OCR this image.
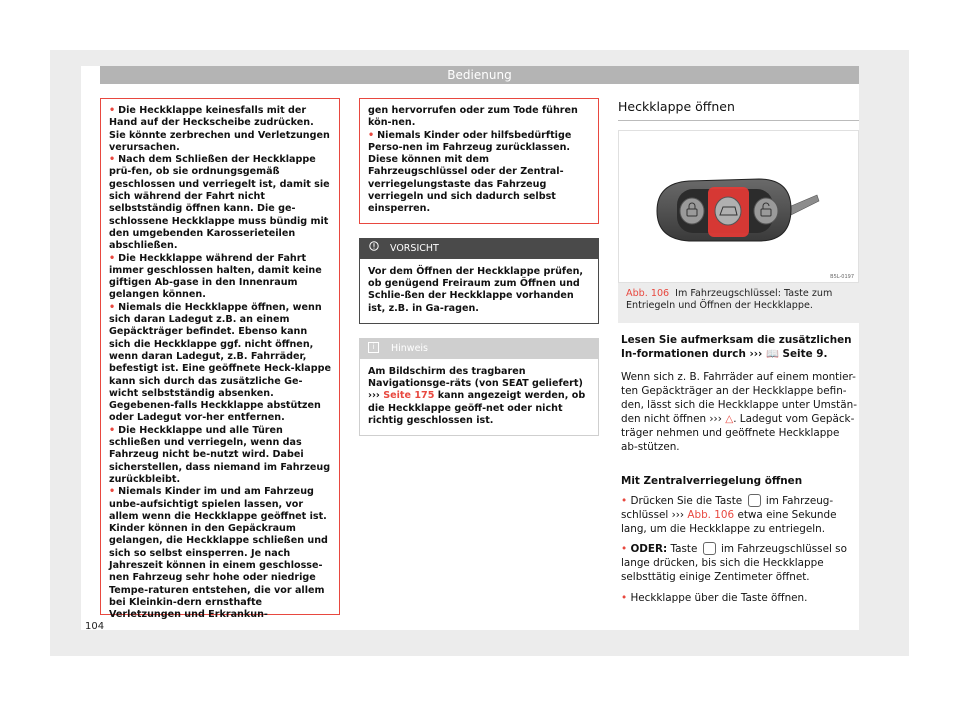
Bedienung
• Die Heckklappe keinesfalls mit der Hand auf der Heckscheibe zudrücken. Sie könnte zerbrechen und Verletzungen verursachen.
• Nach dem Schließen der Heckklappe prü-fen, ob sie ordnungsgemäß geschlossen und verriegelt ist, damit sie sich während der Fahrt nicht selbstständig öffnen kann. Die ge-schlossene Heckklappe muss bündig mit den umgebenden Karosserieteilen abschließen.
• Die Heckklappe während der Fahrt immer geschlossen halten, damit keine giftigen Ab-gase in den Innenraum gelangen können.
• Niemals die Heckklappe öffnen, wenn sich daran Ladegut z.B. an einem Gepäckträger befindet. Ebenso kann sich die Heckklappe ggf. nicht öffnen, wenn daran Ladegut, z.B. Fahrräder, befestigt ist. Eine geöffnete Heck-klappe kann sich durch das zusätzliche Ge-wicht selbstständig absenken. Gegebenen-falls Heckklappe abstützen oder Ladegut vor-her entfernen.
• Die Heckklappe und alle Türen schließen und verriegeln, wenn das Fahrzeug nicht be-nutzt wird. Dabei sicherstellen, dass niemand im Fahrzeug zurückbleibt.
• Niemals Kinder im und am Fahrzeug unbe-aufsichtigt spielen lassen, vor allem wenn die Heckklappe geöffnet ist. Kinder können in den Gepäckraum gelangen, die Heckklappe schließen und sich so selbst einsperren. Je nach Jahreszeit können in einem geschlosse-nen Fahrzeug sehr hohe oder niedrige Tempe-raturen entstehen, die vor allem bei Kleinkin-dern ernsthafte Verletzungen und Erkrankun-
gen hervorrufen oder zum Tode führen kön-nen.
• Niemals Kinder oder hilfsbedürftige Perso-nen im Fahrzeug zurücklassen. Diese können mit dem Fahrzeugschlüssel oder der Zentral-verriegelungstaste das Fahrzeug verriegeln und sich dadurch selbst einsperren.
VORSICHT
Vor dem Öffnen der Heckklappe prüfen, ob genügend Freiraum zum Öffnen und Schlie-ßen der Heckklappe vorhanden ist, z.B. in Ga-ragen.
i Hinweis
Am Bildschirm des tragbaren Navigationsge-räts (von SEAT geliefert) ››› Seite 175 kann angezeigt werden, ob die Heckklappe geöff-net oder nicht richtig geschlossen ist.
Heckklappe öffnen
B5L-0197
Abb. 106 Im Fahrzeugschlüssel: Taste zum Entriegeln und Öffnen der Heckklappe.
Lesen Sie aufmerksam die zusätzlichen In-formationen durch ››› 📖 Seite 9.
Wenn sich z. B. Fahrräder auf einem montier-ten Gepäckträger an der Heckklappe befin-den, lässt sich die Heckklappe unter Umstän-den nicht öffnen ››› △. Ladegut vom Gepäck-träger nehmen und geöffnete Heckklappe ab-stützen.
Mit Zentralverriegelung öffnen
• Drücken Sie die Taste im Fahrzeug-schlüssel ››› Abb. 106 etwa eine Sekunde lang, um die Heckklappe zu entriegeln.
• ODER: Taste im Fahrzeugschlüssel so lange drücken, bis sich die Heckklappe selbsttätig einige Zentimeter öffnet.
• Heckklappe über die Taste öffnen.
104
